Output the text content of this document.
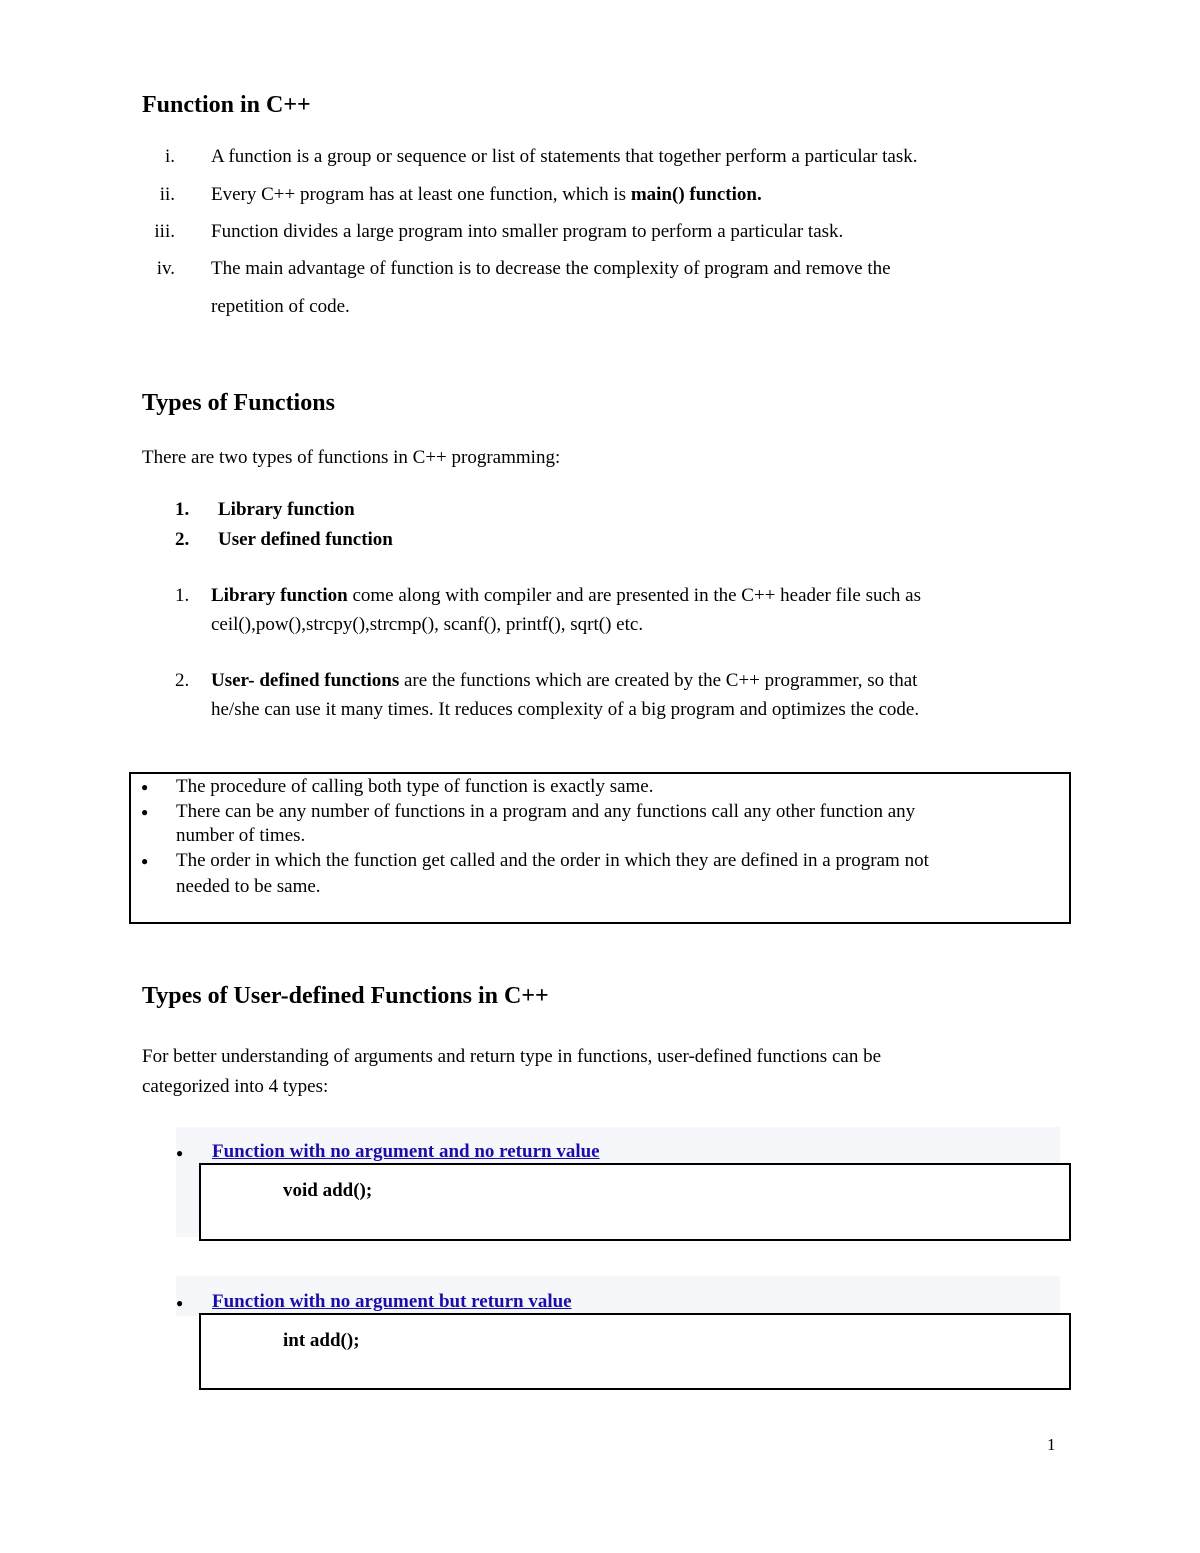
Function in C++
i. A function is a group or sequence or list of statements that together perform a particular task.
ii. Every C++ program has at least one function, which is main() function.
iii. Function divides a large program into smaller program to perform a particular task.
iv. The main advantage of function is to decrease the complexity of program and remove the
repetition of code.
Types of Functions
There are two types of functions in C++ programming:
1. Library function
2. User defined function
1. Library function come along with compiler and are presented in the C++ header file such as
ceil(),pow(),strcpy(),strcmp(), scanf(), printf(), sqrt() etc.
2. User- defined functions are the functions which are created by the C++ programmer, so that
he/she can use it many times. It reduces complexity of a big program and optimizes the code.
● The procedure of calling both type of function is exactly same.
● There can be any number of functions in a program and any functions call any other function any
number of times.
● The order in which the function get called and the order in which they are defined in a program not
needed to be same.
Types of User-defined Functions in C++
For better understanding of arguments and return type in functions, user-defined functions can be
categorized into 4 types:
● Function with no argument and no return value
void add();
● Function with no argument but return value
int add();
1
